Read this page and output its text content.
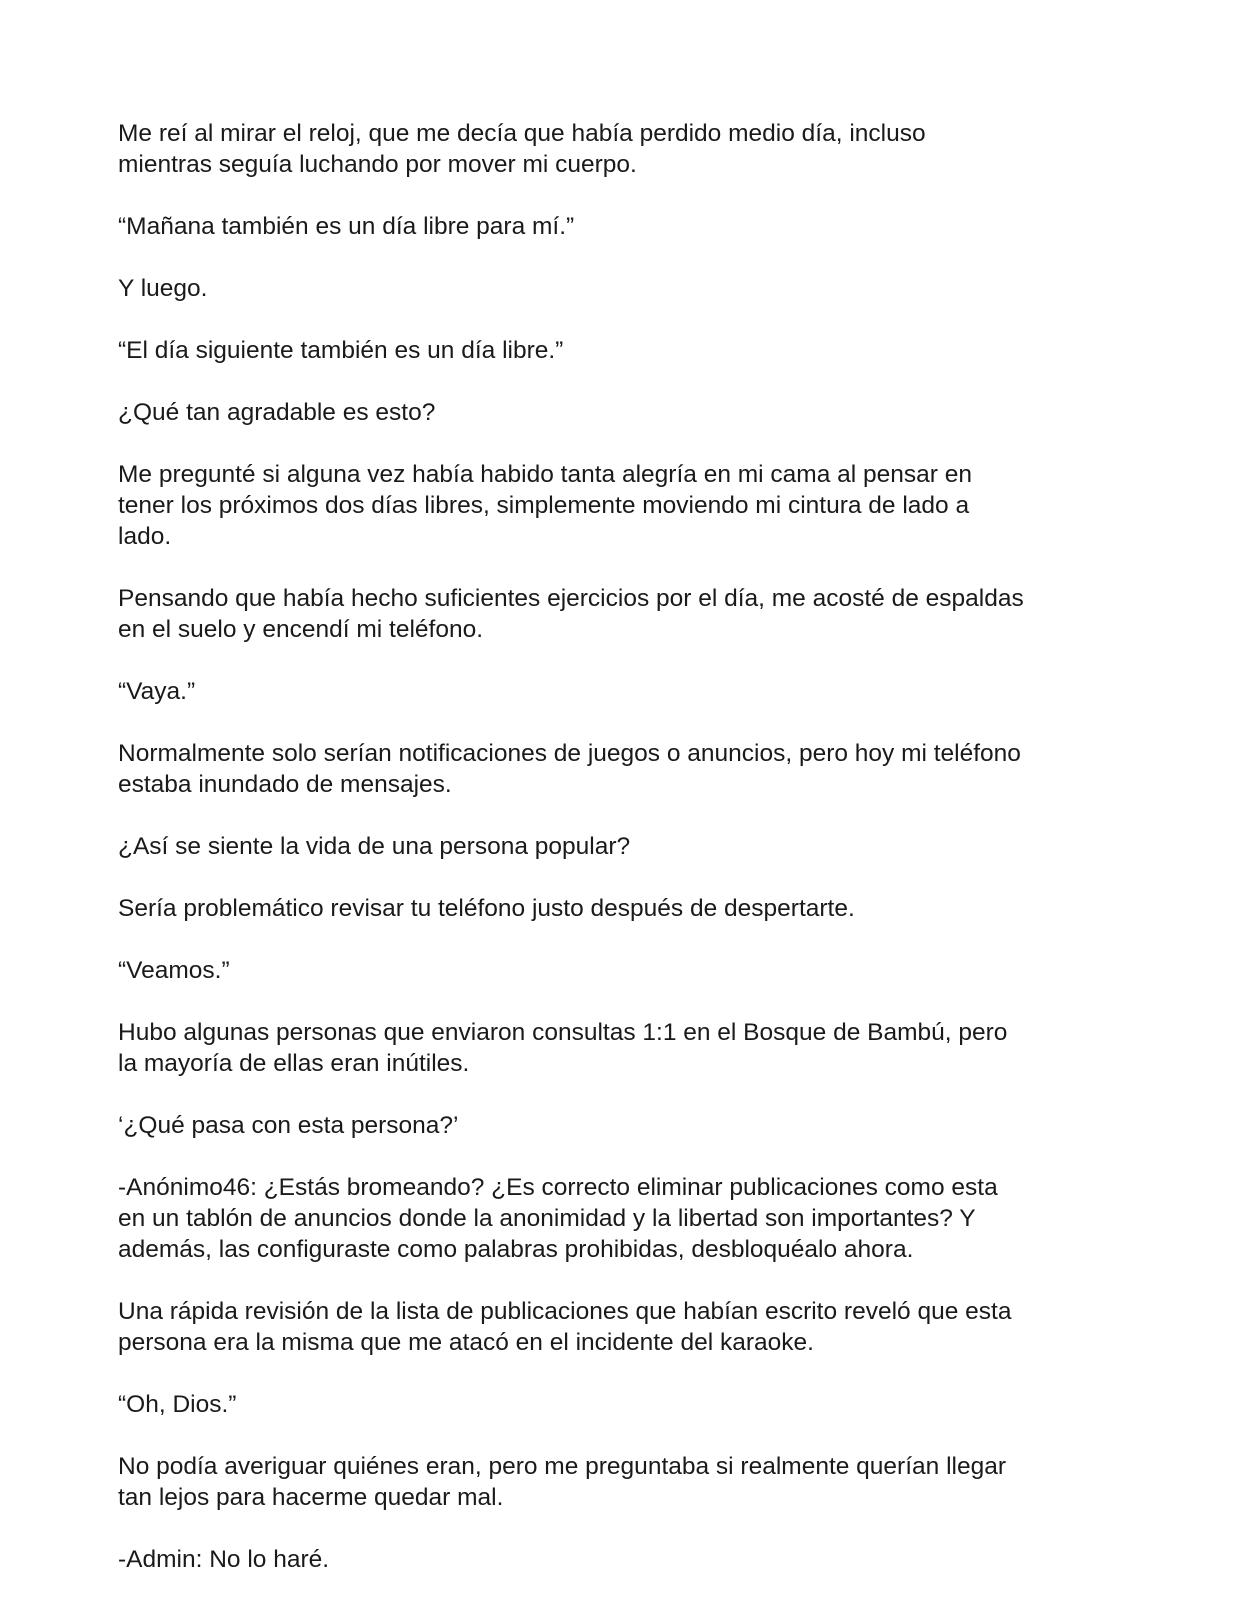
Me reí al mirar el reloj, que me decía que había perdido medio día, incluso
mientras seguía luchando por mover mi cuerpo.

“Mañana también es un día libre para mí.”

Y luego.

“El día siguiente también es un día libre.”

¿Qué tan agradable es esto?

Me pregunté si alguna vez había habido tanta alegría en mi cama al pensar en
tener los próximos dos días libres, simplemente moviendo mi cintura de lado a
lado.

Pensando que había hecho suficientes ejercicios por el día, me acosté de espaldas
en el suelo y encendí mi teléfono.

“Vaya.”

Normalmente solo serían notificaciones de juegos o anuncios, pero hoy mi teléfono
estaba inundado de mensajes.

¿Así se siente la vida de una persona popular?

Sería problemático revisar tu teléfono justo después de despertarte.

“Veamos.”

Hubo algunas personas que enviaron consultas 1:1 en el Bosque de Bambú, pero
la mayoría de ellas eran inútiles.

‘¿Qué pasa con esta persona?’

-Anónimo46: ¿Estás bromeando? ¿Es correcto eliminar publicaciones como esta
en un tablón de anuncios donde la anonimidad y la libertad son importantes? Y
además, las configuraste como palabras prohibidas, desbloquéalo ahora.

Una rápida revisión de la lista de publicaciones que habían escrito reveló que esta
persona era la misma que me atacó en el incidente del karaoke.

“Oh, Dios.”

No podía averiguar quiénes eran, pero me preguntaba si realmente querían llegar
tan lejos para hacerme quedar mal.

-Admin: No lo haré.
